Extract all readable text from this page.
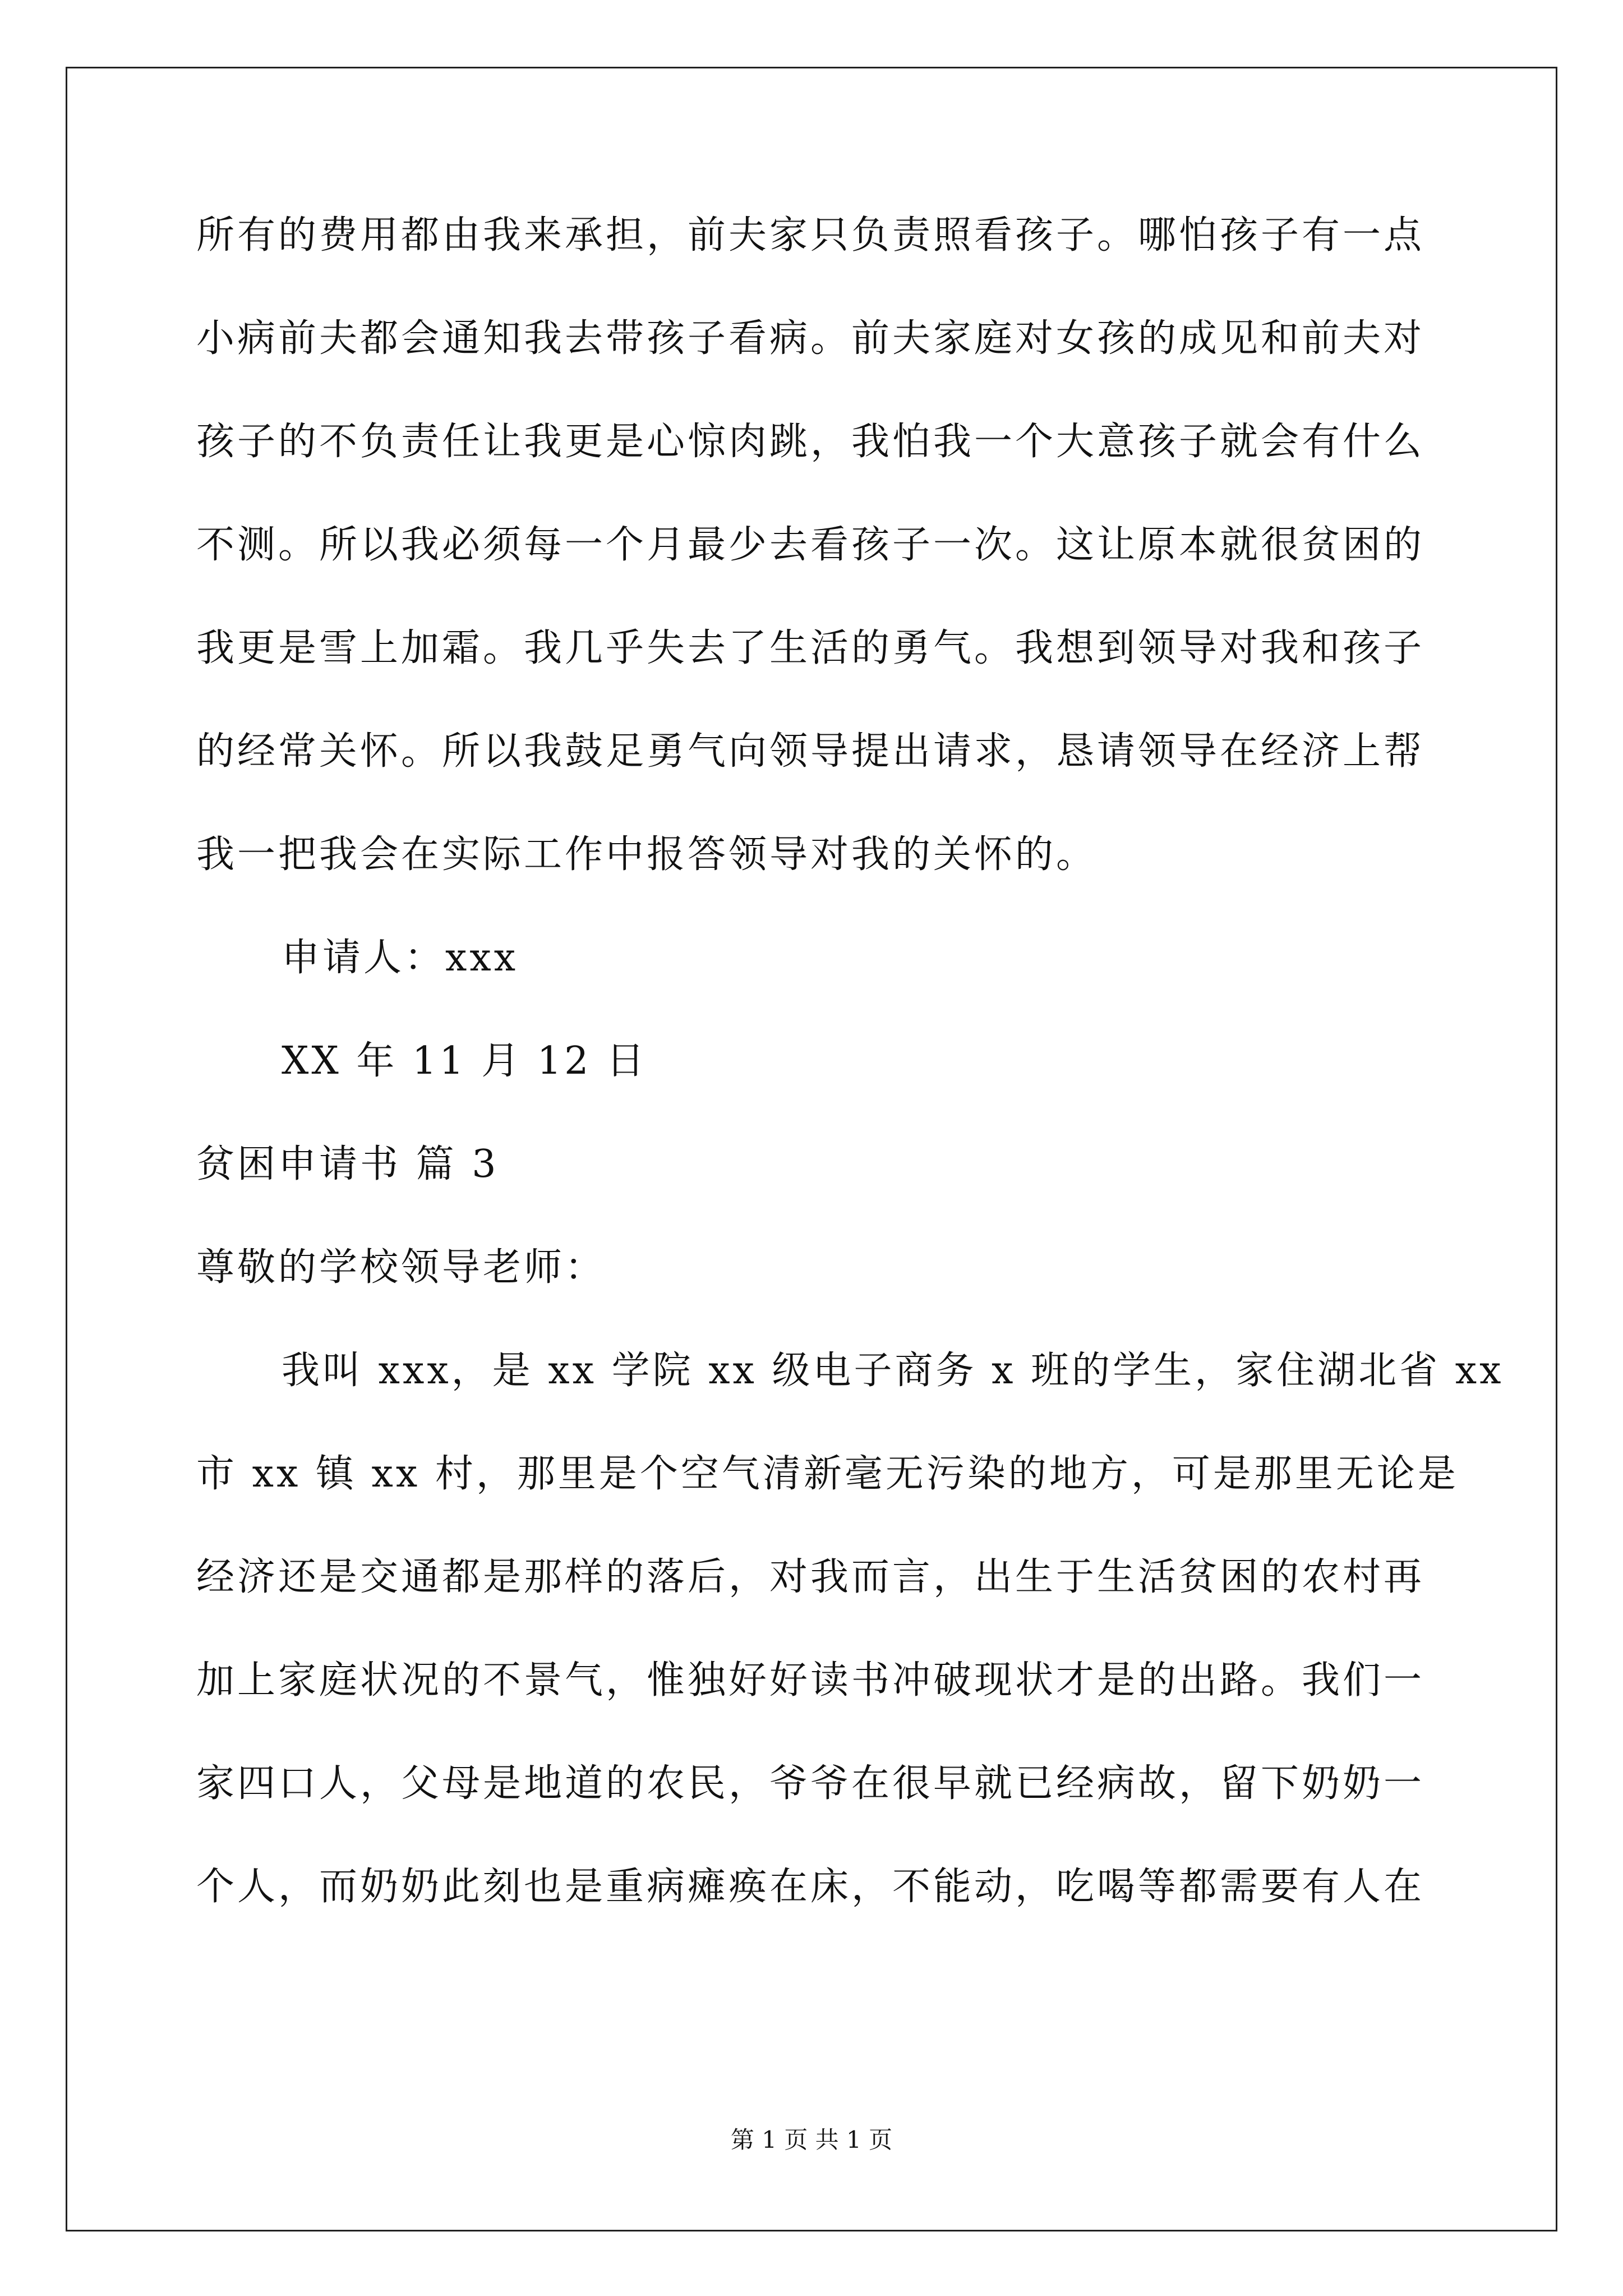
所有的费用都由我来承担，前夫家只负责照看孩子。哪怕孩子有一点
小病前夫都会通知我去带孩子看病。前夫家庭对女孩的成见和前夫对
孩子的不负责任让我更是心惊肉跳，我怕我一个大意孩子就会有什么
不测。所以我必须每一个月最少去看孩子一次。这让原本就很贫困的
我更是雪上加霜。我几乎失去了生活的勇气。我想到领导对我和孩子
的经常关怀。所以我鼓足勇气向领导提出请求，恳请领导在经济上帮
我一把我会在实际工作中报答领导对我的关怀的。
申请人：xxx
XX 年 11 月 12 日
贫困申请书 篇 3
尊敬的学校领导老师：
我叫 xxx，是 xx 学院 xx 级电子商务 x 班的学生，家住湖北省 xx
市 xx 镇 xx 村，那里是个空气清新毫无污染的地方，可是那里无论是
经济还是交通都是那样的落后，对我而言，出生于生活贫困的农村再
加上家庭状况的不景气，惟独好好读书冲破现状才是的出路。我们一
家四口人，父母是地道的农民，爷爷在很早就已经病故，留下奶奶一
个人，而奶奶此刻也是重病瘫痪在床，不能动，吃喝等都需要有人在
第 1 页 共 1 页
